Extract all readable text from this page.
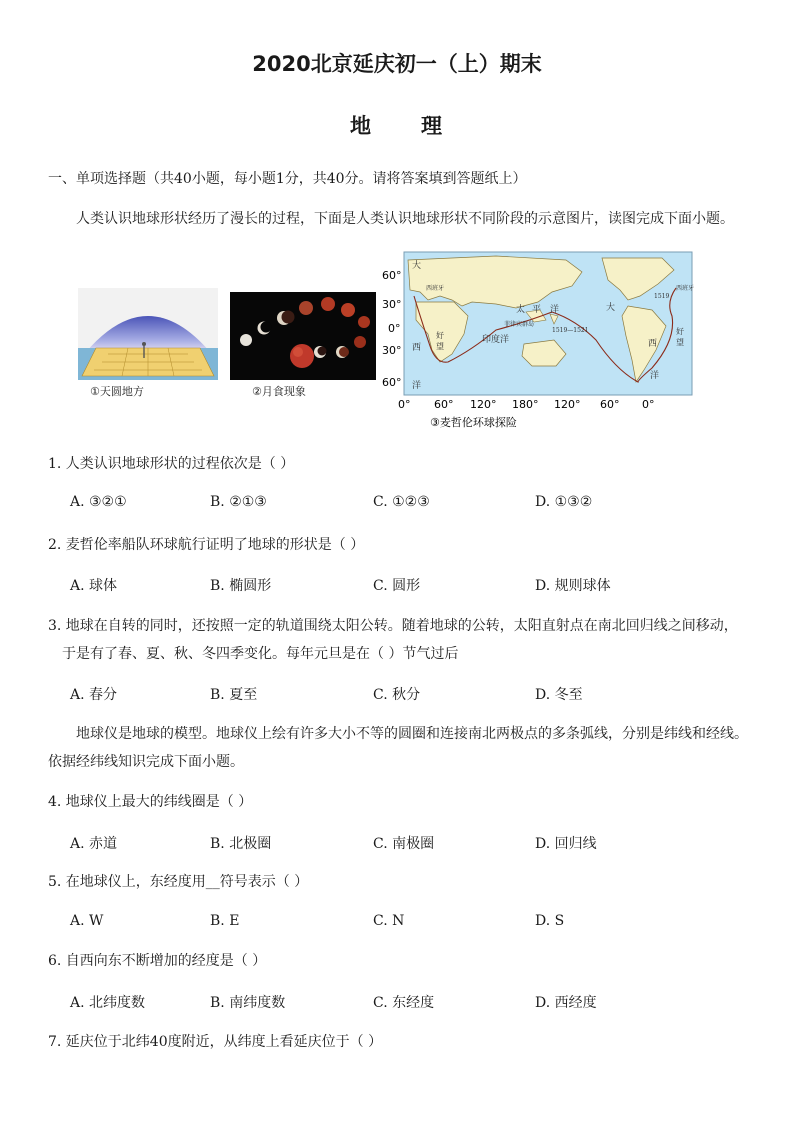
2020北京延庆初一（上）期末
地 理
一、单项选择题（共40小题，每小题1分，共40分。请将答案填到答题纸上）
人类认识地球形状经历了漫长的过程，下面是人类认识地球形状不同阶段的示意图片，读图完成下面小题。
①天圆地方	②月食现象
60°
30°
0°
30°
60°
大
西班牙
西
洋
好
望
印度洋
菲律宾群岛
太 平 洋
1519—1521
大
1519
西班牙
好
望
西
洋
0° 60° 120° 180° 120° 60° 0°
③麦哲伦环球探险
1. 人类认识地球形状的过程依次是（ ）
A. ③②①	B. ②①③	C. ①②③	D. ①③②
2. 麦哲伦率船队环球航行证明了地球的形状是（ ）
A. 球体	B. 椭圆形	C. 圆形	D. 规则球体
3. 地球在自转的同时，还按照一定的轨道围绕太阳公转。随着地球的公转，太阳直射点在南北回归线之间移动，
于是有了春、夏、秋、冬四季变化。每年元旦是在（ ）节气过后
A. 春分	B. 夏至	C. 秋分	D. 冬至
地球仪是地球的模型。地球仪上绘有许多大小不等的圆圈和连接南北两极点的多条弧线，分别是纬线和经线。依据经纬线知识完成下面小题。
4. 地球仪上最大的纬线圈是（ ）
A. 赤道	B. 北极圈	C. 南极圈	D. 回归线
5. 在地球仪上，东经度用__符号表示（ ）
A. W	B. E	C. N	D. S
6. 自西向东不断增加的经度是（ ）
A. 北纬度数	B. 南纬度数	C. 东经度	D. 西经度
7. 延庆位于北纬40度附近，从纬度上看延庆位于（ ）
